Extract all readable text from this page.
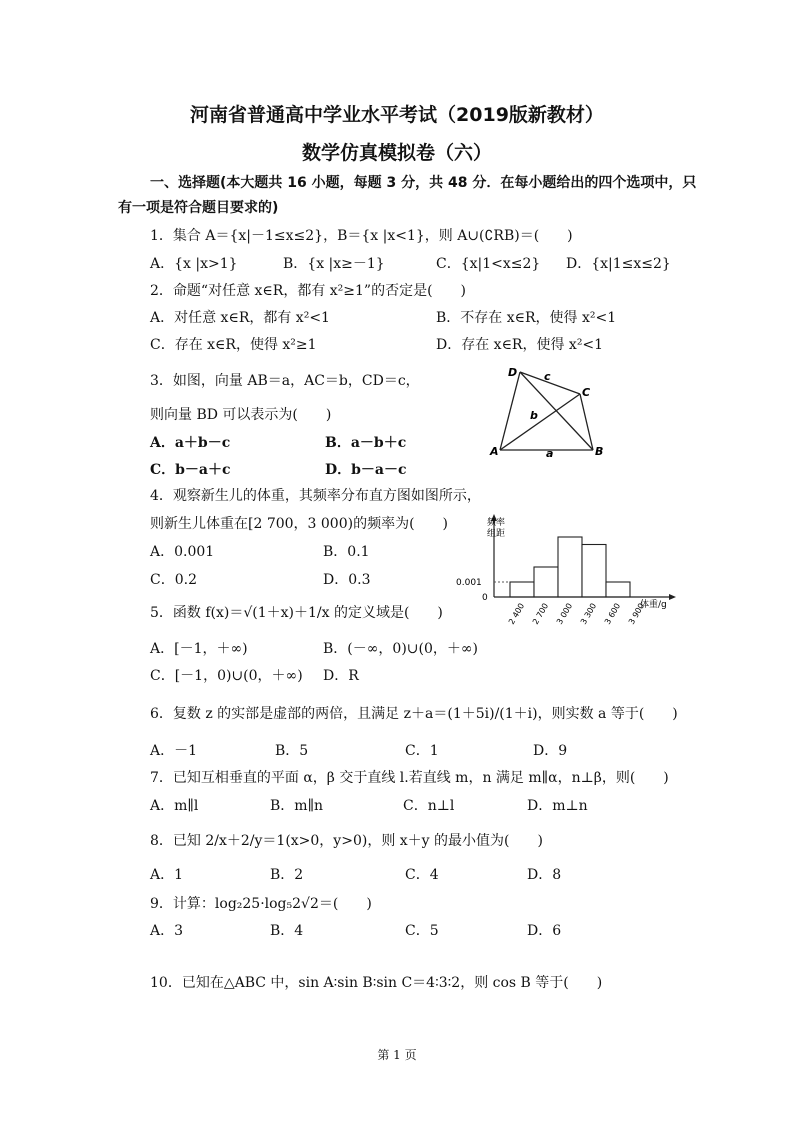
河南省普通高中学业水平考试（2019版新教材）
数学仿真模拟卷（六）
一、选择题(本大题共 16 小题，每题 3 分，共 48 分．在每小题给出的四个选项中，只
有一项是符合题目要求的)
1．集合 A＝{x|－1≤x≤2}，B＝{x |x<1}，则 A∪(∁RB)＝(　　)
A．{x |x>1}	B．{x |x≥－1}	C．{x|1<x≤2} D．{x|1≤x≤2}
2．命题“对任意 x∈R，都有 x²≥1”的否定是(　　)
A．对任意 x∈R，都有 x²<1	B．不存在 x∈R，使得 x²<1
C．存在 x∈R，使得 x²≥1	D．存在 x∈R，使得 x²<1
3．如图，向量 AB＝a，AC＝b，CD＝c，
则向量 BD 可以表示为(　　)
A．a＋b－c	B．a－b＋c
C．b－a＋c	D．b－a－c
A	B
C
D
a
b
c
4．观察新生儿的体重，其频率分布直方图如图所示，
则新生儿体重在[2 700，3 000)的频率为(　　)
A．0.001	B．0.1
C．0.2	D．0.3
频率组距
0.001
0
2 400 2 700 3 000 3 300 3 600 3 900
体重/g
5．函数 f(x)＝√(1＋x)＋1/x 的定义域是(　　)
A．[－1，＋∞)	B．(－∞，0)∪(0，＋∞)
C．[－1，0)∪(0，＋∞) D．R
6．复数 z 的实部是虚部的两倍，且满足 z＋a＝(1＋5i)/(1＋i)，则实数 a 等于(　　)
A．－1	B．5	C．1	D．9
7．已知互相垂直的平面 α，β 交于直线 l.若直线 m，n 满足 m∥α，n⊥β，则(　　)
A．m∥l	B．m∥n	C．n⊥l	D．m⊥n
8．已知 2/x＋2/y＝1(x>0，y>0)，则 x＋y 的最小值为(　　)
A．1	B．2	C．4	D．8
9．计算：log₂25·log₅2√2＝(　　)
A．3	B．4	C．5	D．6
10．已知在△ABC 中，sin A∶sin B∶sin C＝4∶3∶2，则 cos B 等于(　　)
第 1 页
